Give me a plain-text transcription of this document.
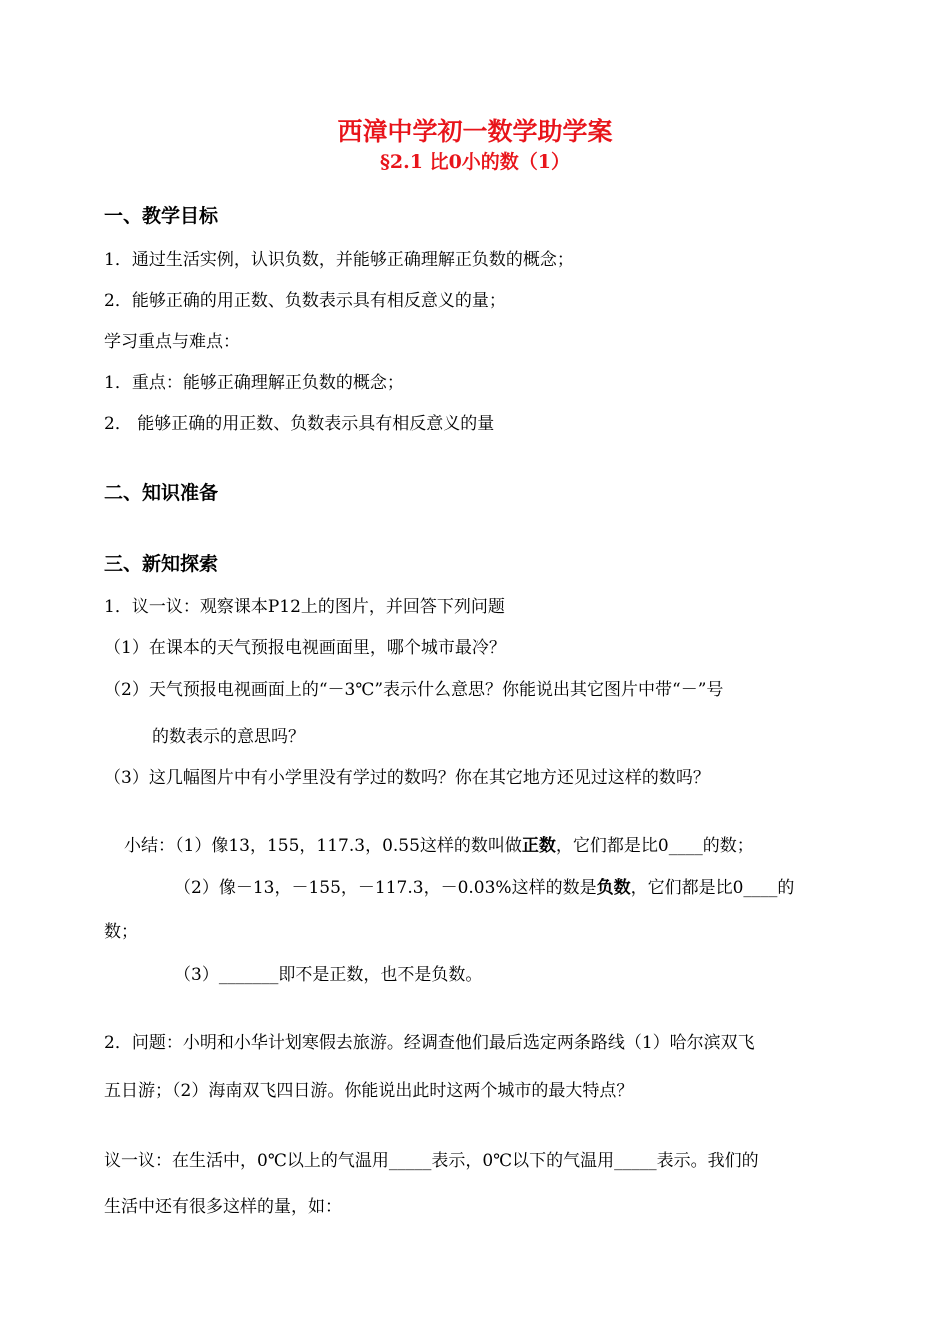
西漳中学初一数学助学案
§2.1 比0小的数（1）
一、教学目标
1．通过生活实例，认识负数，并能够正确理解正负数的概念；
2．能够正确的用正数、负数表示具有相反意义的量；
学习重点与难点：
1．重点：能够正确理解正负数的概念；
2． 能够正确的用正数、负数表示具有相反意义的量
二、知识准备
三、新知探索
1．议一议：观察课本P12上的图片，并回答下列问题
（1）在课本的天气预报电视画面里，哪个城市最冷？
（2）天气预报电视画面上的“－3℃”表示什么意思？你能说出其它图片中带“－”号
的数表示的意思吗？
（3）这几幅图片中有小学里没有学过的数吗？你在其它地方还见过这样的数吗？
小结：（1）像13，155，117.3，0.55这样的数叫做正数，它们都是比0____的数；
（2）像－13，－155，－117.3，－0.03%这样的数是负数，它们都是比0____的
数；
（3）_______即不是正数，也不是负数。
2．问题：小明和小华计划寒假去旅游。经调查他们最后选定两条路线（1）哈尔滨双飞
五日游；（2）海南双飞四日游。你能说出此时这两个城市的最大特点？
议一议：在生活中，0℃以上的气温用_____表示，0℃以下的气温用_____表示。我们的
生活中还有很多这样的量，如：
